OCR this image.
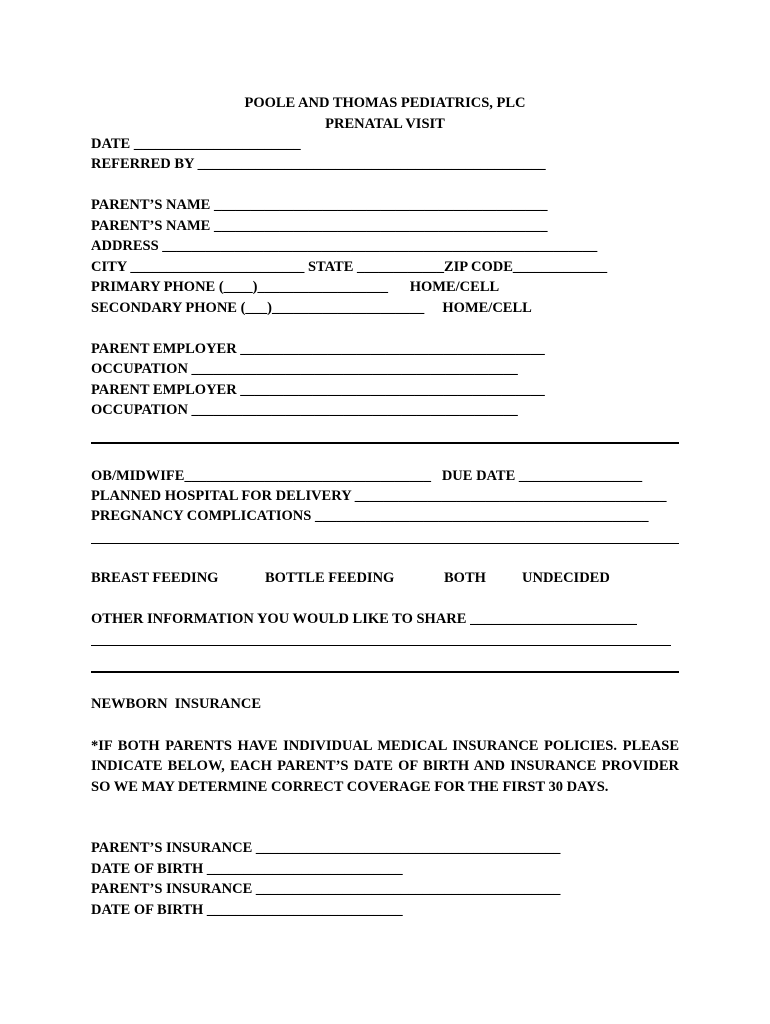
POOLE AND THOMAS PEDIATRICS, PLC
PRENATAL VISIT
DATE _______________________
REFERRED BY ________________________________________________
PARENT’S NAME ______________________________________________
PARENT’S NAME ______________________________________________
ADDRESS ____________________________________________________________
CITY ________________________ STATE ____________ZIP CODE_____________
PRIMARY PHONE (____)__________________      HOME/CELL
SECONDARY PHONE (___)_____________________     HOME/CELL
PARENT EMPLOYER __________________________________________
OCCUPATION _____________________________________________
PARENT EMPLOYER __________________________________________
OCCUPATION _____________________________________________
OB/MIDWIFE__________________________________   DUE DATE _________________
PLANNED HOSPITAL FOR DELIVERY ___________________________________________
PREGNANCY COMPLICATIONS ______________________________________________
BREAST FEEDING	BOTTLE FEEDING	BOTH UNDECIDED
OTHER INFORMATION YOU WOULD LIKE TO SHARE _______________________
NEWBORN  INSURANCE
*IF BOTH PARENTS HAVE INDIVIDUAL MEDICAL INSURANCE POLICIES. PLEASE INDICATE BELOW, EACH PARENT’S DATE OF BIRTH AND INSURANCE PROVIDER SO WE MAY DETERMINE CORRECT COVERAGE FOR THE FIRST 30 DAYS.
PARENT’S INSURANCE __________________________________________
DATE OF BIRTH ___________________________
PARENT’S INSURANCE __________________________________________
DATE OF BIRTH ___________________________
